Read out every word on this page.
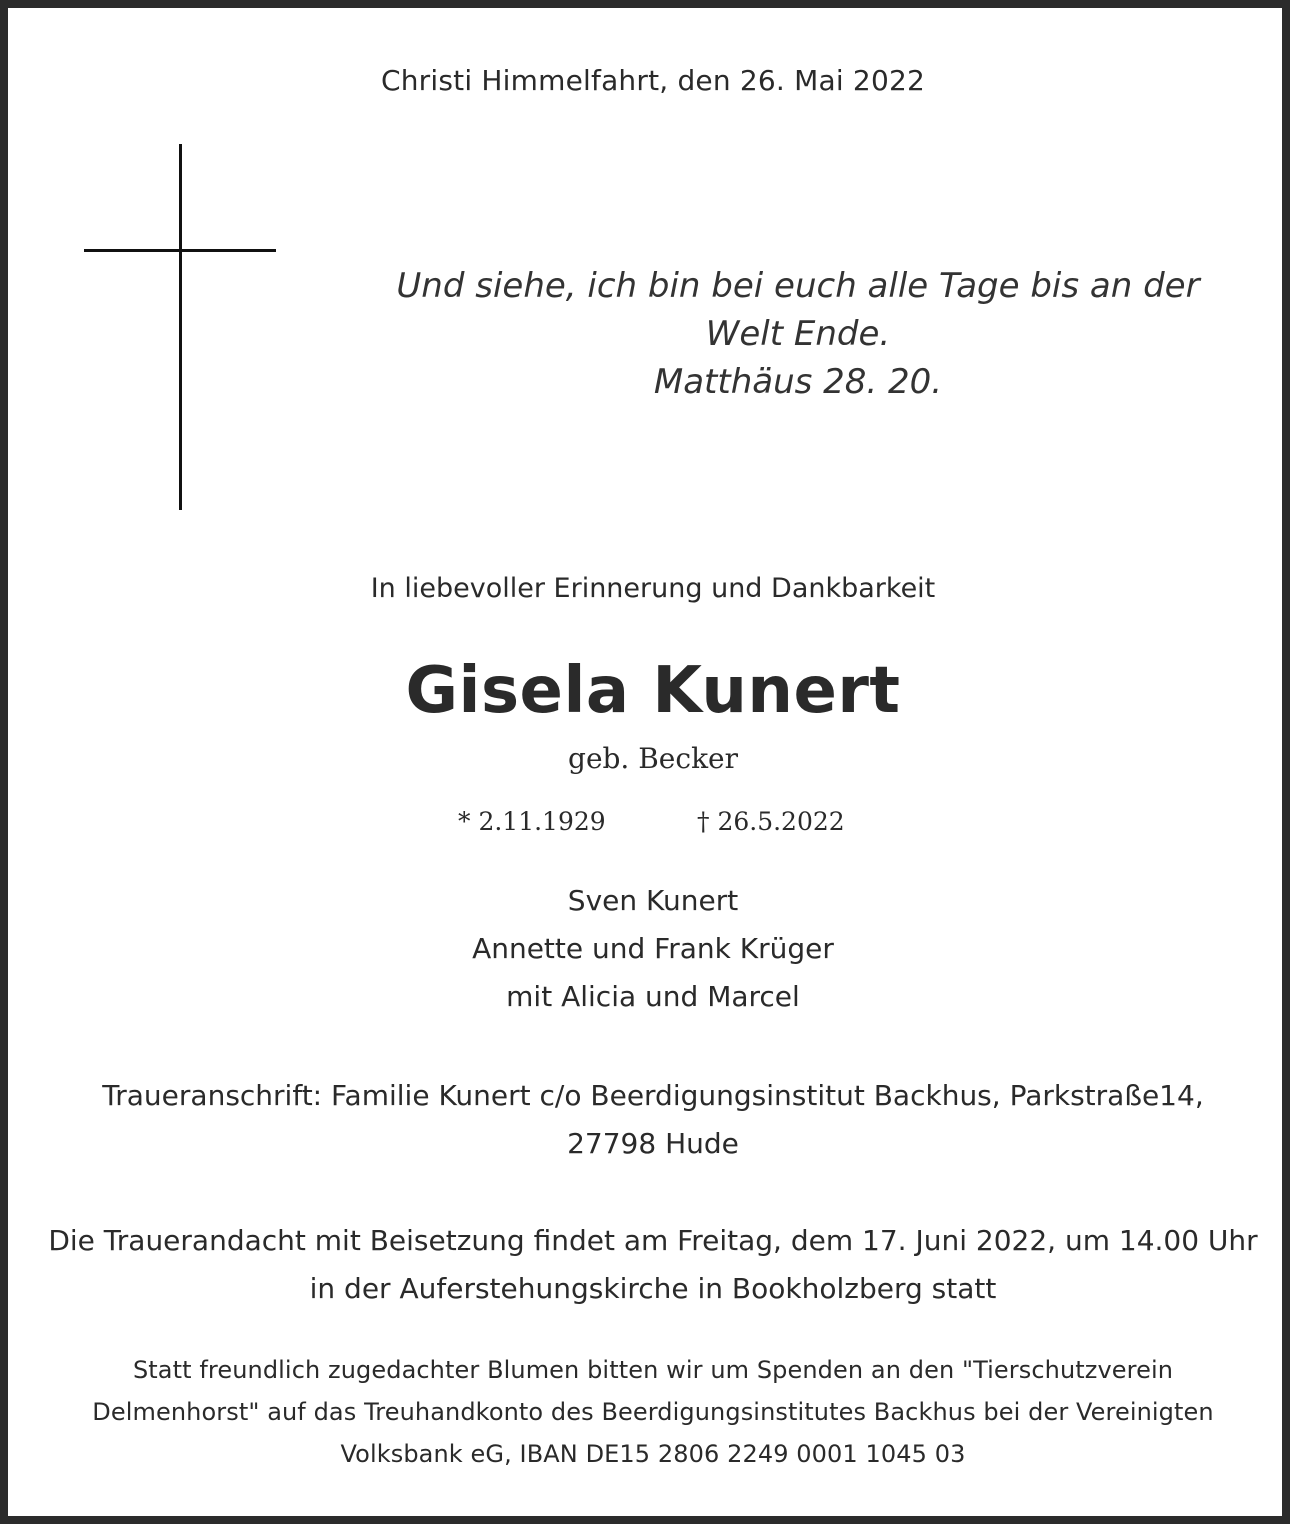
Christi Himmelfahrt, den 26. Mai 2022
Und siehe, ich bin bei euch alle Tage bis an der
Welt Ende.
Matthäus 28. 20.
In liebevoller Erinnerung und Dankbarkeit
Gisela Kunert
geb. Becker
* 2.11.1929	† 26.5.2022
Sven Kunert
Annette und Frank Krüger
mit Alicia und Marcel
Traueranschrift: Familie Kunert c/o Beerdigungsinstitut Backhus, Parkstraße14,
27798 Hude
Die Trauerandacht mit Beisetzung findet am Freitag, dem 17. Juni 2022, um 14.00 Uhr
in der Auferstehungskirche in Bookholzberg statt
Statt freundlich zugedachter Blumen bitten wir um Spenden an den "Tierschutzverein
Delmenhorst" auf das Treuhandkonto des Beerdigungsinstitutes Backhus bei der Vereinigten
Volksbank eG, IBAN DE15 2806 2249 0001 1045 03
